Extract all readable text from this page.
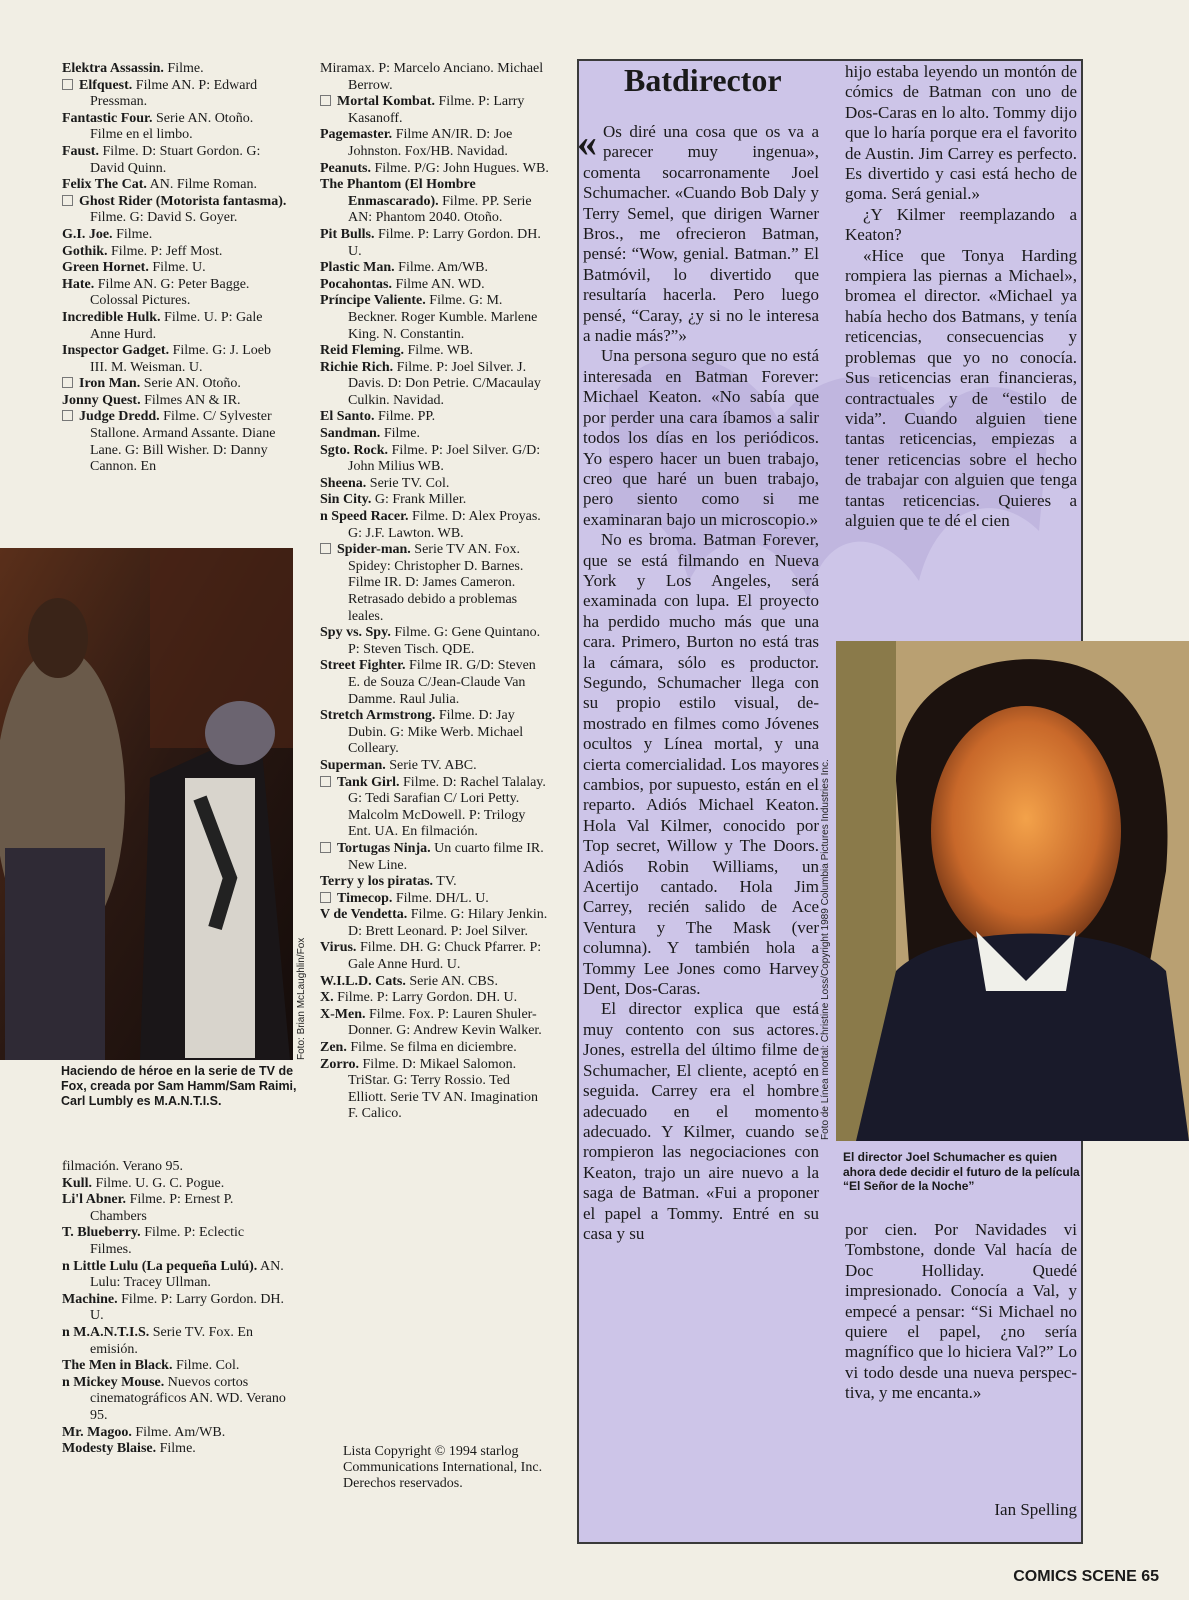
Elektra Assassin. Filme.

Elfquest. Filme AN. P: Edward Pressman.

Fantastic Four. Serie AN. Otoño. Filme en el limbo.

Faust. Filme. D: Stuart Gordon. G: David Quinn.

Felix The Cat. AN. Filme Roman.

Ghost Rider (Motorista fantasma). Filme. G: David S. Goyer.

G.I. Joe. Filme.

Gothik. Filme. P: Jeff Most.

Green Hornet. Filme. U.

Hate. Filme AN. G: Peter Bagge. Colossal Pictures.

Incredible Hulk. Filme. U. P: Gale Anne Hurd.

Inspector Gadget. Filme. G: J. Loeb III. M. Weisman. U.

Iron Man. Serie AN. Otoño.

Jonny Quest. Filmes AN & IR.

Judge Dredd. Filme. C/ Sylvester Stallone. Armand Assante. Diane Lane. G: Bill Wisher. D: Danny Cannon. En

Foto: Brian McLaughlin/Fox
Haciendo de héroe en la serie de TV de Fox, creada por Sam Hamm/Sam Raimi, Carl Lumbly es M.A.N.T.I.S.

filmación. Verano 95.

Kull. Filme. U. G. C. Pogue.

Li'l Abner. Filme. P: Ernest P. Chambers

T. Blueberry. Filme. P: Eclectic Filmes.

n Little Lulu (La pequeña Lulú). AN. Lulu: Tracey Ullman.

Machine. Filme. P: Larry Gordon. DH. U.

n M.A.N.T.I.S. Serie TV. Fox. En emisión.

The Men in Black. Filme. Col.

n Mickey Mouse. Nuevos cortos cinematográficos AN. WD. Verano 95.

Mr. Magoo. Filme. Am/WB.

Modesty Blaise. Filme.

Miramax. P: Marcelo Anciano. Michael Berrow.

Mortal Kombat. Filme. P: Larry Kasanoff.

Pagemaster. Filme AN/IR. D: Joe Johnston. Fox/HB. Navidad.

Peanuts. Filme. P/G: John Hugues. WB.

The Phantom (El Hombre Enmascarado). Filme. PP. Serie AN: Phantom 2040. Otoño.

Pit Bulls. Filme. P: Larry Gordon. DH. U.

Plastic Man. Filme. Am/WB.

Pocahontas. Filme AN. WD.

Príncipe Valiente. Filme. G: M. Beckner. Roger Kumble. Marlene King. N. Constantin.

Reid Fleming. Filme. WB.

Richie Rich. Filme. P: Joel Silver. J. Davis. D: Don Petrie. C/Macaulay Culkin. Navidad.

El Santo. Filme. PP.

Sandman. Filme.

Sgto. Rock. Filme. P: Joel Silver. G/D: John Milius WB.

Sheena. Serie TV. Col.

Sin City. G: Frank Miller.

n Speed Racer. Filme. D: Alex Proyas. G: J.F. Lawton. WB.

Spider-man. Serie TV AN. Fox. Spidey: Christopher D. Barnes. Filme IR. D: James Cameron. Retrasado debido a problemas leales.

Spy vs. Spy. Filme. G: Gene Quintano. P: Steven Tisch. QDE.

Street Fighter. Filme IR. G/D: Steven E. de Souza C/Jean-Claude Van Damme. Raul Julia.

Stretch Armstrong. Filme. D: Jay Dubin. G: Mike Werb. Michael Colleary.

Superman. Serie TV. ABC.

Tank Girl. Filme. D: Rachel Talalay. G: Tedi Sarafian C/ Lori Petty. Malcolm McDowell. P: Trilogy Ent. UA. En filmación.

Tortugas Ninja. Un cuarto filme IR. New Line.

Terry y los piratas. TV.

Timecop. Filme. DH/L. U.

V de Vendetta. Filme. G: Hilary Jenkin. D: Brett Leonard. P: Joel Silver.

Virus. Filme. DH. G: Chuck Pfarrer. P: Gale Anne Hurd. U.

W.I.L.D. Cats. Serie AN. CBS.

X. Filme. P: Larry Gordon. DH. U.

X-Men. Filme. Fox. P: Lauren Shuler-Donner. G: Andrew Kevin Walker.

Zen. Filme. Se filma en diciembre.

Zorro. Filme. D: Mikael Salomon. TriStar. G: Terry Rossio. Ted Elliott. Serie TV AN. Imagination F. Calico.

Lista Copyright © 1994 starlog Communications International, Inc. Derechos reservados.
Batdirector

« Os diré una cosa que os va a parecer muy ingenua», comenta socarronamente Joel Schumacher. «Cuando Bob Daly y Terry Semel, que dirigen Warner Bros., me ofrecieron Batman, pensé: “Wow, genial. Batman.” El Batmóvil, lo divertido que resultaría hacerla. Pero luego pensé, “Caray, ¿y si no le interesa a nadie más?”»

Una persona seguro que no está interesada en Batman Forever: Michael Keaton. «No sabía que por perder una cara íbamos a salir todos los días en los periódicos. Yo espero hacer un buen trabajo, creo que haré un buen trabajo, pero siento como si me examinaran bajo un microscopio.»

No es broma. Batman Forever, que se está filmando en Nueva York y Los Angeles, será examinada con lupa. El proyecto ha perdido mucho más que una cara. Primero, Burton no está tras la cámara, sólo es productor. Segundo, Schumacher llega con su propio estilo visual, demostrado en filmes como Jóvenes ocultos y Línea mortal, y una cierta comercialidad. Los mayores cambios, por supuesto, están en el reparto. Adiós Michael Keaton. Hola Val Kilmer, conocido por Top secret, Willow y The Doors. Adiós Robin Williams, un Acertijo cantado. Hola Jim Carrey, recién salido de Ace Ventura y The Mask (ver columna). Y también hola a Tommy Lee Jones como Harvey Dent, Dos-Caras.

El director explica que está muy contento con sus actores. Jones, estrella del último filme de Schumacher, El cliente, aceptó en seguida. Carrey era el hombre adecuado en el momento adecuado. Y Kilmer, cuando se rompieron las negociaciones con Keaton, trajo un aire nuevo a la saga de Batman. «Fui a proponer el papel a Tommy. Entré en su casa y su

hijo estaba leyendo un montón de cómics de Batman con uno de Dos-Caras en lo alto. Tommy dijo que lo haría porque era el favorito de Austin. Jim Carrey es perfecto. Es divertido y casi está hecho de goma. Será genial.»

¿Y Kilmer reemplazando a Keaton?

«Hice que Tonya Harding rompiera las piernas a Michael», bromea el director. «Michael ya había hecho dos Batmans, y tenía reticencias, consecuencias y problemas que yo no conocía. Sus reticencias eran financieras, contractuales y de “estilo de vida”. Cuando alguien tiene tantas reticencias, empiezas a tener reticencias sobre el hecho de trabajar con alguien que tenga tantas reticencias. Quieres a alguien que te dé el cien

Foto de Línea mortal: Christine Loss/Copyright 1989 Columbia Pictures Industries Inc.
El director Joel Schumacher es quien ahora dede decidir el futuro de la película “El Señor de la Noche”

por cien. Por Navidades vi Tombstone, donde Val hacía de Doc Holliday. Quedé impresionado. Conocía a Val, y empecé a pensar: “Si Michael no quiere el papel, ¿no sería magnífico que lo hiciera Val?” Lo vi todo desde una nueva perspectiva, y me encanta.»

Ian Spelling
COMICS SCENE 65
